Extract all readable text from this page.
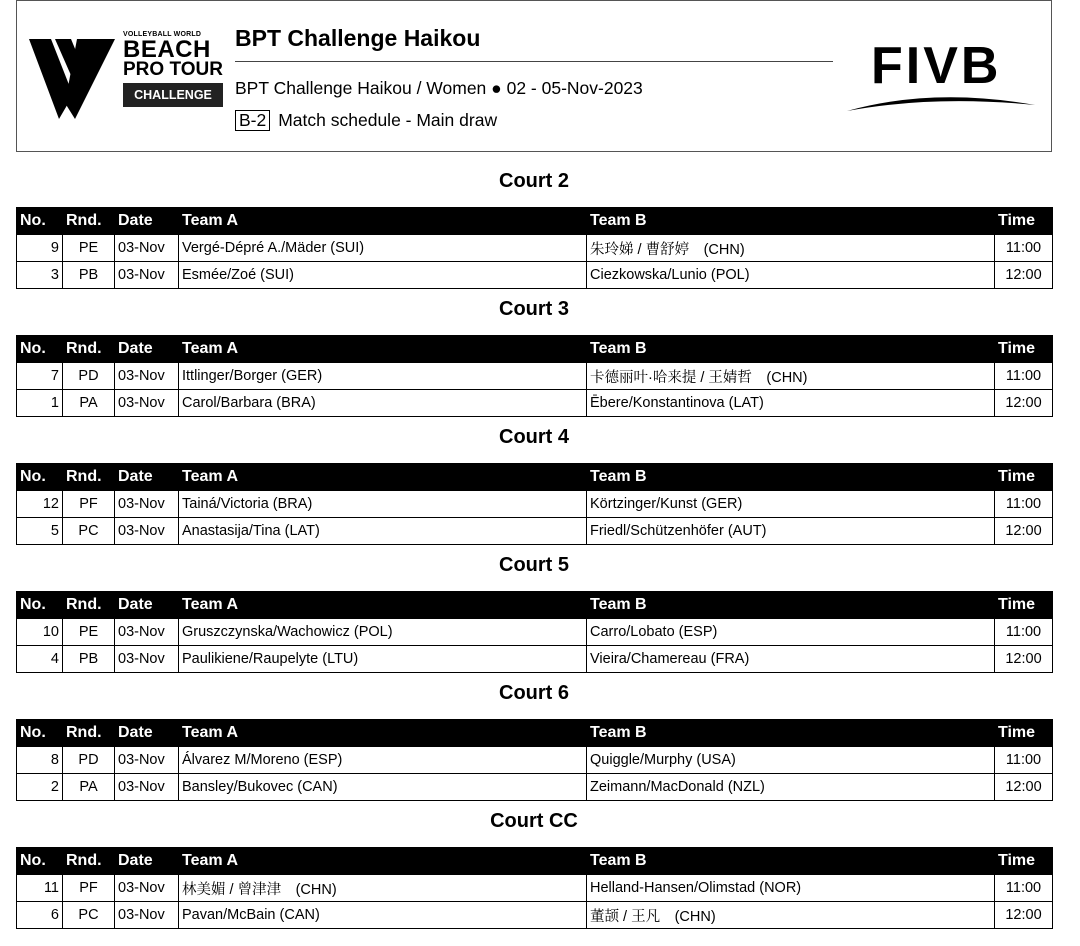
VOLLEYBALL WORLD
BEACH
PRO TOUR
CHALLENGE
BPT Challenge Haikou
BPT Challenge Haikou / Women ● 02 - 05-Nov-2023
B-2 Match schedule - Main draw
FIVB
Court 2
No.	Rnd.	Date	Team A	Team B	Time
9	PE	03-Nov	Vergé-Dépré A./Mäder (SUI)	朱玲娣 / 曹舒婷　(CHN)	11:00
3	PB	03-Nov	Esmée/Zoé (SUI)	Ciezkowska/Lunio (POL)	12:00
Court 3
No.	Rnd.	Date	Team A	Team B	Time
7	PD	03-Nov	Ittlinger/Borger (GER)	卡德丽叶·哈来提 / 王婧哲　(CHN)	11:00
1	PA	03-Nov	Carol/Barbara (BRA)	Ēbere/Konstantinova (LAT)	12:00
Court 4
No.	Rnd.	Date	Team A	Team B	Time
12	PF	03-Nov	Tainá/Victoria (BRA)	Körtzinger/Kunst (GER)	11:00
5	PC	03-Nov	Anastasija/Tina (LAT)	Friedl/Schützenhöfer (AUT)	12:00
Court 5
No.	Rnd.	Date	Team A	Team B	Time
10	PE	03-Nov	Gruszczynska/Wachowicz (POL)	Carro/Lobato (ESP)	11:00
4	PB	03-Nov	Paulikiene/Raupelyte (LTU)	Vieira/Chamereau (FRA)	12:00
Court 6
No.	Rnd.	Date	Team A	Team B	Time
8	PD	03-Nov	Álvarez M/Moreno (ESP)	Quiggle/Murphy (USA)	11:00
2	PA	03-Nov	Bansley/Bukovec (CAN)	Zeimann/MacDonald (NZL)	12:00
Court CC
No.	Rnd.	Date	Team A	Team B	Time
11	PF	03-Nov	林美媚 / 曾津津　(CHN)	Helland-Hansen/Olimstad (NOR)	11:00
6	PC	03-Nov	Pavan/McBain (CAN)	董颉 / 王凡　(CHN)	12:00
